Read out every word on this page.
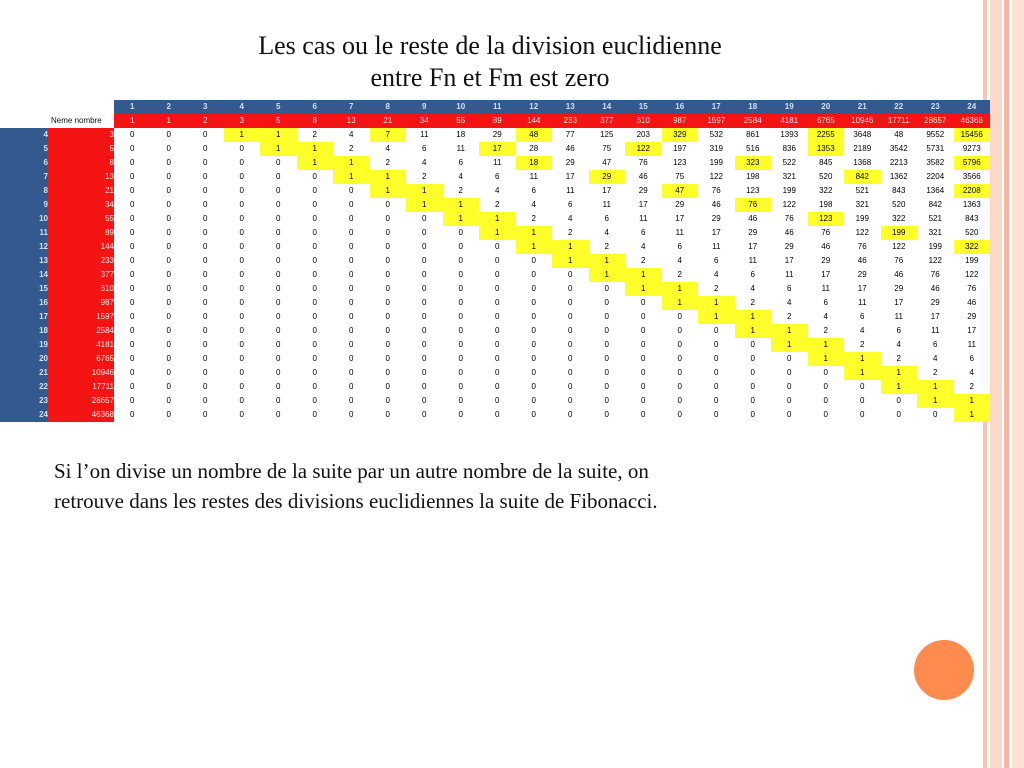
Les cas ou le reste de la division euclidienne
entre Fn et Fm est zero
1	2	3	4	5	6	7	8	9	10	11	12	13	14	15	16	17	18	19	20	21	22	23	24
Neme nombre	1	1	2	3	5	8	13	21	34	55	89	144	233	377	610	987	1597	2584	4181	6765	10946	17711	28657	46368
4	3	0	0	0	1	1	2	4	7	11	18	29	48	77	125	203	329	532	861	1393	2255	3648	48	9552	15456
5	5	0	0	0	0	1	1	2	4	6	11	17	28	46	75	122	197	319	516	836	1353	2189	3542	5731	9273
6	8	0	0	0	0	0	1	1	2	4	6	11	18	29	47	76	123	199	323	522	845	1368	2213	3582	5796
7	13	0	0	0	0	0	0	1	1	2	4	6	11	17	29	46	75	122	198	321	520	842	1362	2204	3566
8	21	0	0	0	0	0	0	0	1	1	2	4	6	11	17	29	47	76	123	199	322	521	843	1364	2208
9	34	0	0	0	0	0	0	0	0	1	1	2	4	6	11	17	29	46	76	122	198	321	520	842	1363
10	55	0	0	0	0	0	0	0	0	0	1	1	2	4	6	11	17	29	46	76	123	199	322	521	843
11	89	0	0	0	0	0	0	0	0	0	0	1	1	2	4	6	11	17	29	46	76	122	199	321	520
12	144	0	0	0	0	0	0	0	0	0	0	0	1	1	2	4	6	11	17	29	46	76	122	199	322
13	233	0	0	0	0	0	0	0	0	0	0	0	0	1	1	2	4	6	11	17	29	46	76	122	199
14	377	0	0	0	0	0	0	0	0	0	0	0	0	0	1	1	2	4	6	11	17	29	46	76	122
15	610	0	0	0	0	0	0	0	0	0	0	0	0	0	0	1	1	2	4	6	11	17	29	46	76
16	987	0	0	0	0	0	0	0	0	0	0	0	0	0	0	0	1	1	2	4	6	11	17	29	46
17	1597	0	0	0	0	0	0	0	0	0	0	0	0	0	0	0	0	1	1	2	4	6	11	17	29
18	2584	0	0	0	0	0	0	0	0	0	0	0	0	0	0	0	0	0	1	1	2	4	6	11	17
19	4181	0	0	0	0	0	0	0	0	0	0	0	0	0	0	0	0	0	0	1	1	2	4	6	11
20	6765	0	0	0	0	0	0	0	0	0	0	0	0	0	0	0	0	0	0	0	1	1	2	4	6
21	10946	0	0	0	0	0	0	0	0	0	0	0	0	0	0	0	0	0	0	0	0	1	1	2	4
22	17711	0	0	0	0	0	0	0	0	0	0	0	0	0	0	0	0	0	0	0	0	0	1	1	2
23	28657	0	0	0	0	0	0	0	0	0	0	0	0	0	0	0	0	0	0	0	0	0	0	1	1
24	46368	0	0	0	0	0	0	0	0	0	0	0	0	0	0	0	0	0	0	0	0	0	0	0	1
Si l’on divise un nombre de la suite par un autre nombre de la suite, on
retrouve dans les restes des divisions euclidiennes la suite de Fibonacci.
